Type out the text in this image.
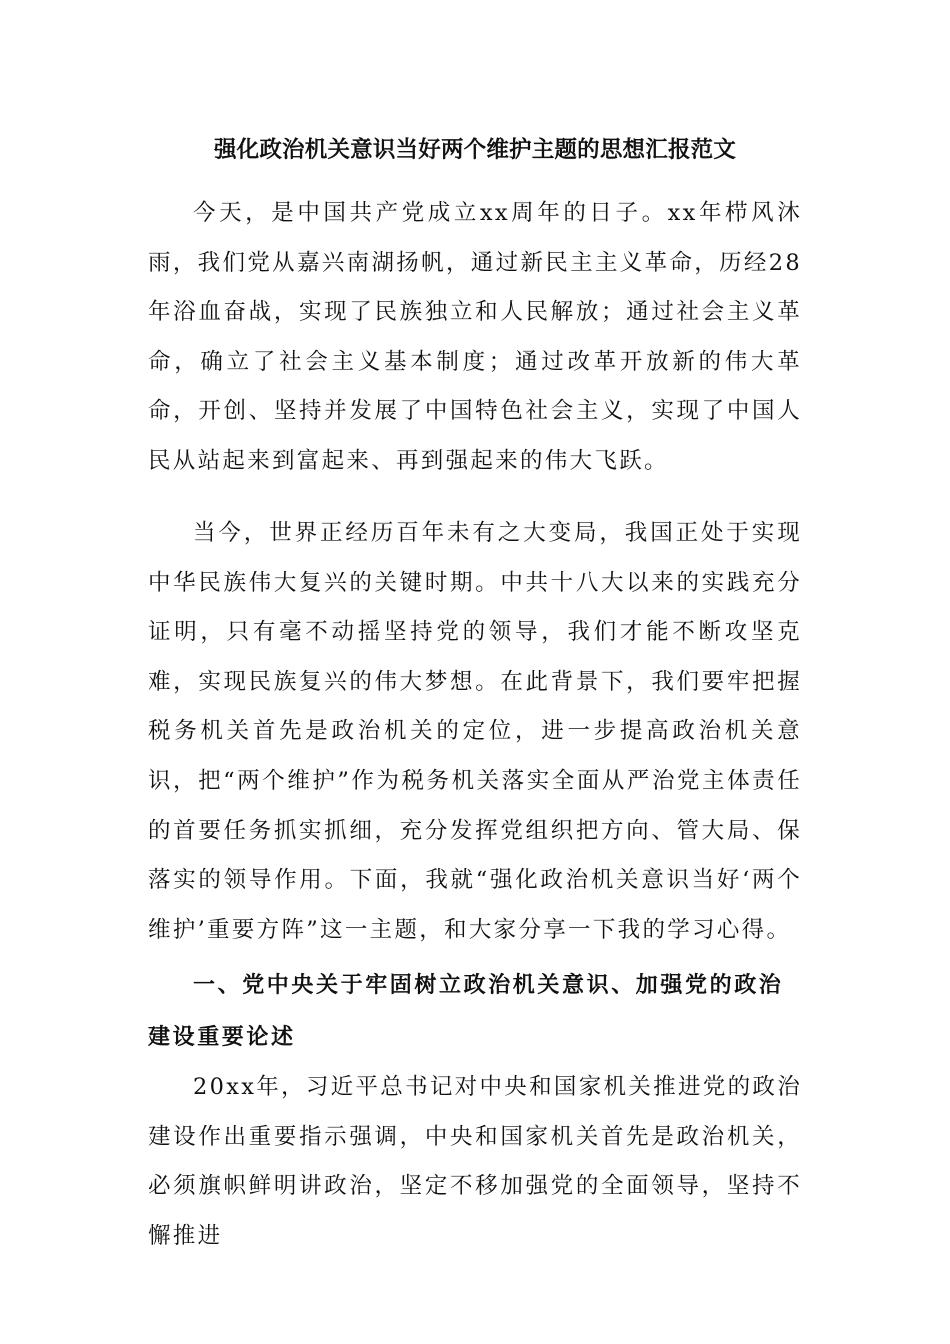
强化政治机关意识当好两个维护主题的思想汇报范文

今天，是中国共产党成立xx周年的日子。xx年栉风沐雨，我们党从嘉兴南湖扬帆，通过新民主主义革命，历经28年浴血奋战，实现了民族独立和人民解放；通过社会主义革命，确立了社会主义基本制度；通过改革开放新的伟大革命，开创、坚持并发展了中国特色社会主义，实现了中国人民从站起来到富起来、再到强起来的伟大飞跃。

当今，世界正经历百年未有之大变局，我国正处于实现中华民族伟大复兴的关键时期。中共十八大以来的实践充分证明，只有毫不动摇坚持党的领导，我们才能不断攻坚克难，实现民族复兴的伟大梦想。在此背景下，我们要牢把握税务机关首先是政治机关的定位，进一步提高政治机关意识，把“两个维护”作为税务机关落实全面从严治党主体责任的首要任务抓实抓细，充分发挥党组织把方向、管大局、保落实的领导作用。下面，我就“强化政治机关意识当好‘两个维护’重要方阵”这一主题，和大家分享一下我的学习心得。

一、党中央关于牢固树立政治机关意识、加强党的政治建设重要论述

20xx年，习近平总书记对中央和国家机关推进党的政治建设作出重要指示强调，中央和国家机关首先是政治机关，必须旗帜鲜明讲政治，坚定不移加强党的全面领导，坚持不懈推进
